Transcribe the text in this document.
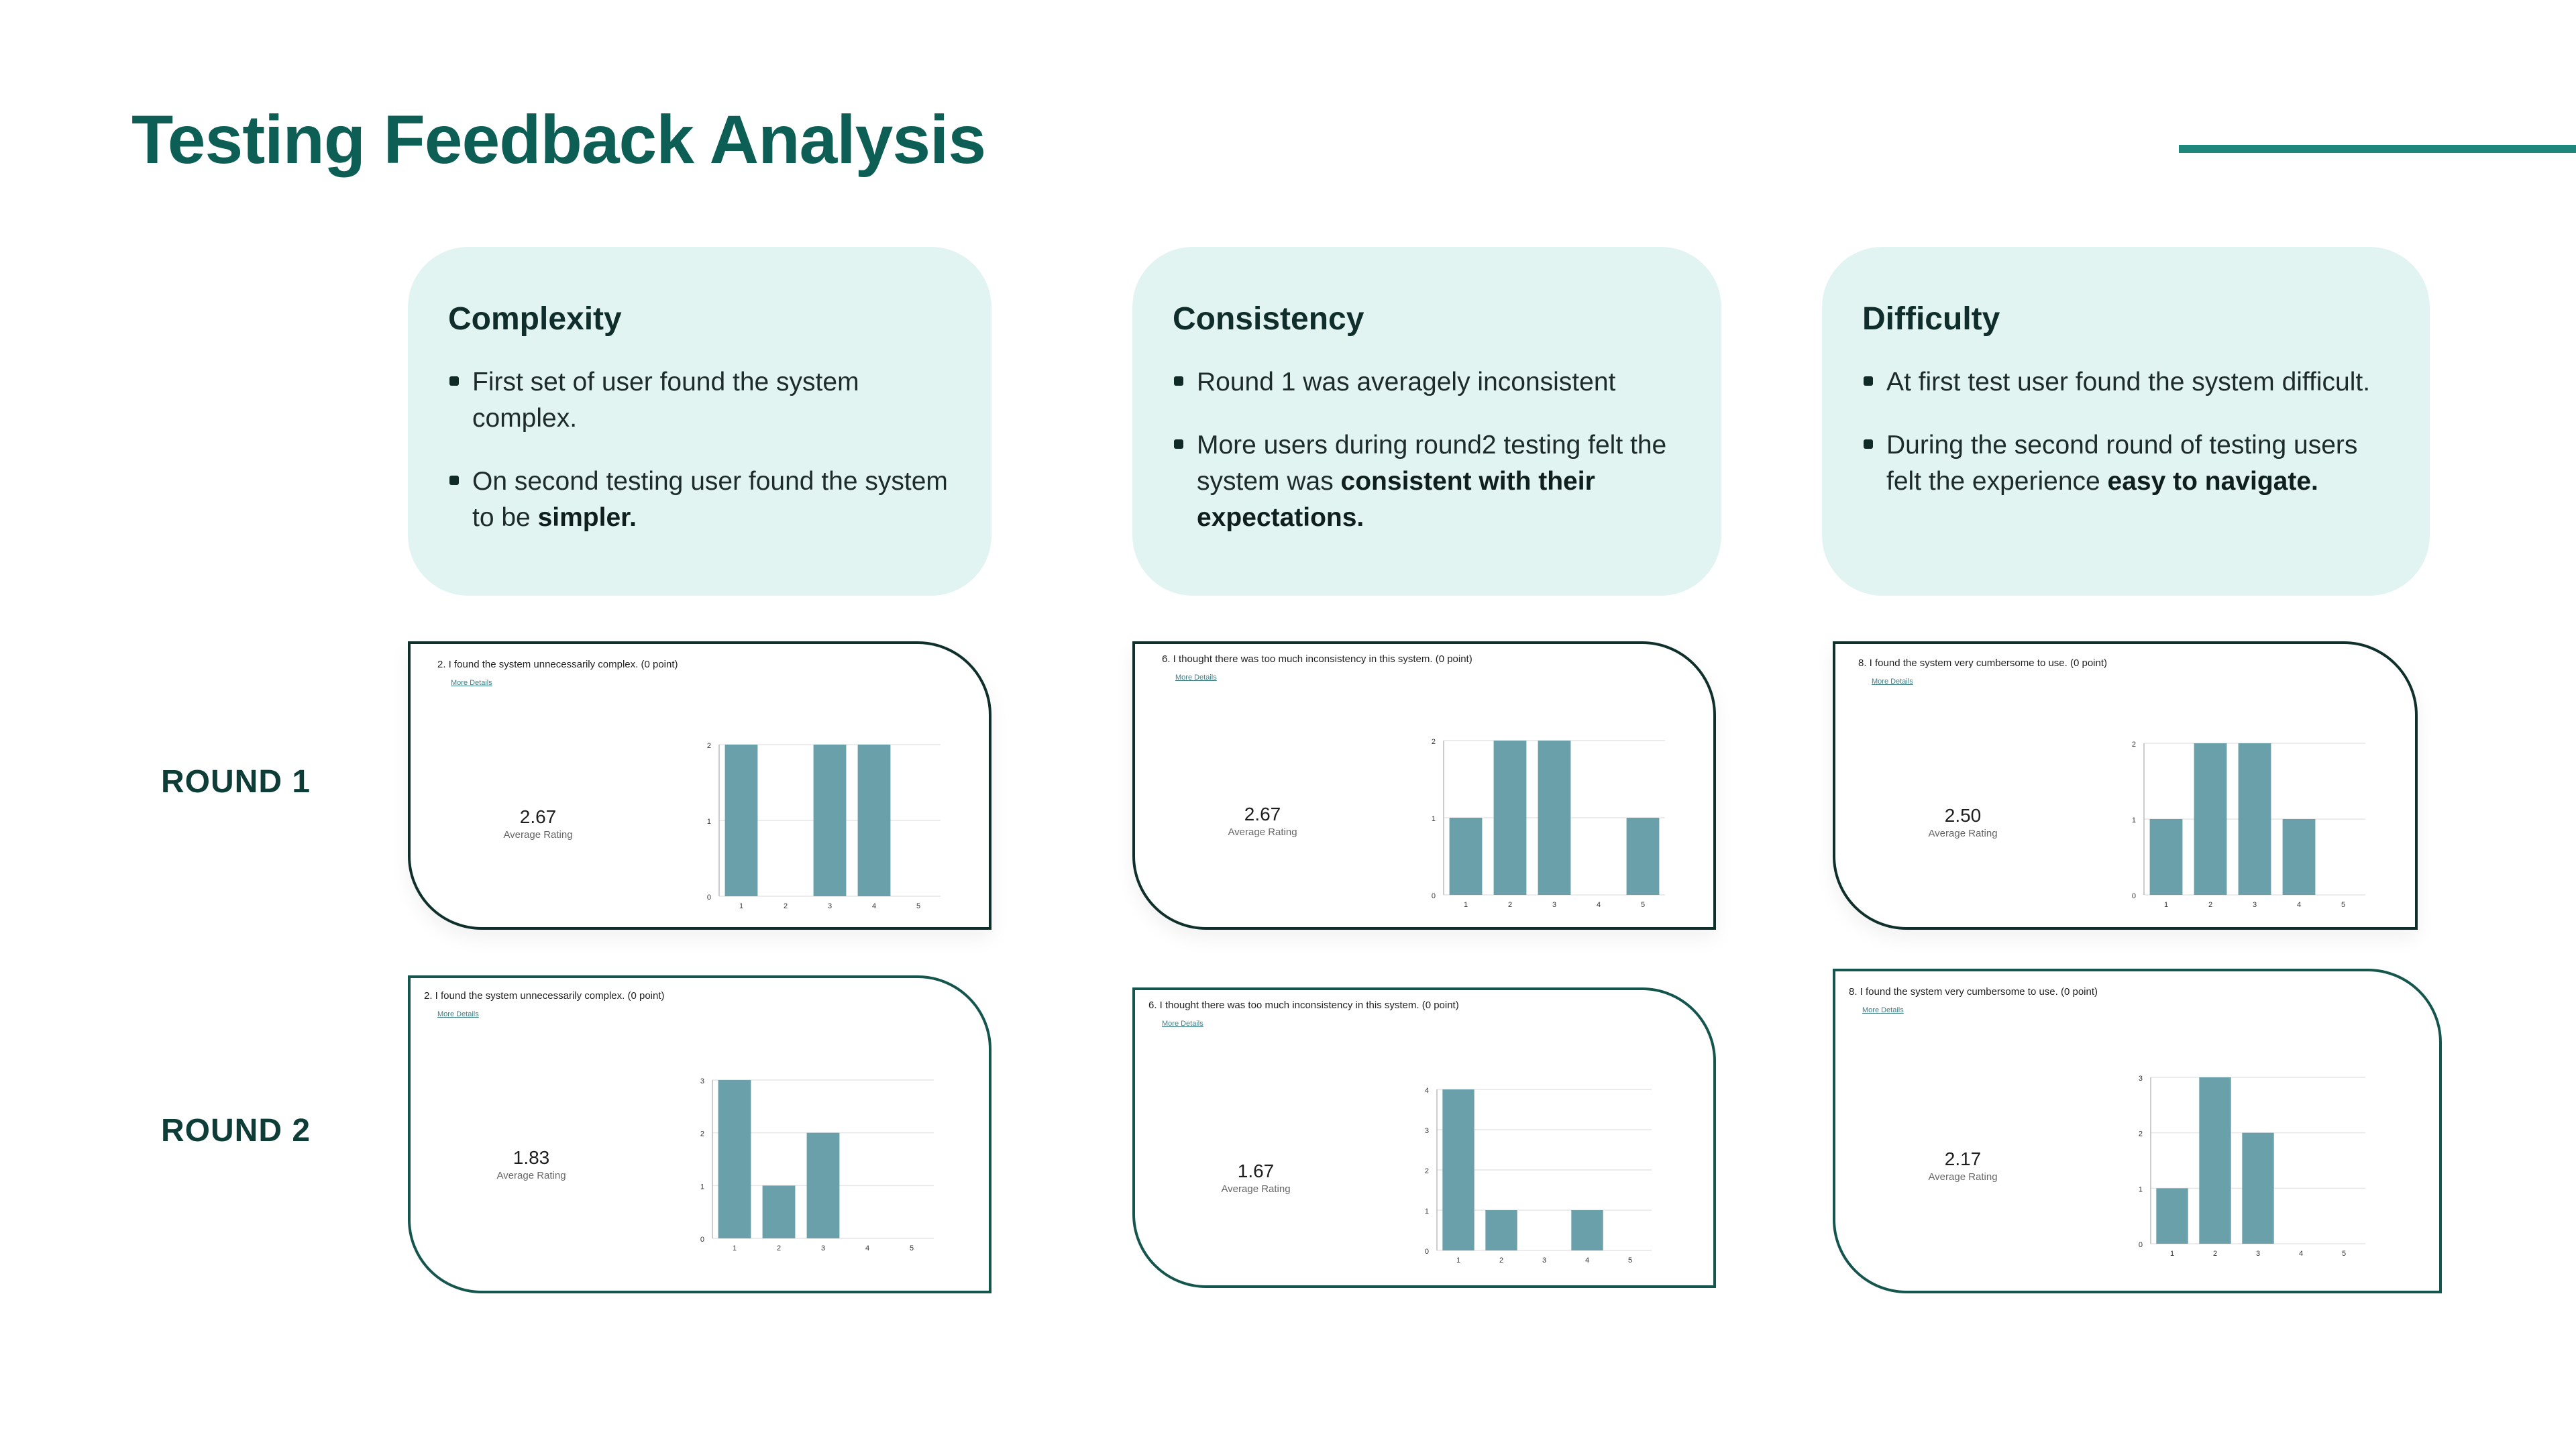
Testing Feedback Analysis
Complexity
First set of user found the system complex.
On second testing user found the system to be simpler.
Consistency
Round 1 was averagely inconsistent
More users during round2 testing felt the system was consistent with their expectations.
Difficulty
At first test user found the system difficult.
During the second round of testing users felt the experience easy to navigate.
ROUND 1
ROUND 2
2. I found the system unnecessarily complex. (0 point)
More Details
2.67
Average Rating
0
1
2
1	2	3	4	5
6. I thought there was too much inconsistency in this system. (0 point)
More Details
2.67
Average Rating
0
1
2
1	2	3	4	5
8. I found the system very cumbersome to use. (0 point)
More Details
2.50
Average Rating
0
1
2
1	2	3	4	5
2. I found the system unnecessarily complex. (0 point)
More Details
1.83
Average Rating
0
1
2
3
1	2	3	4	5
6. I thought there was too much inconsistency in this system. (0 point)
More Details
1.67
Average Rating
0
1
2
3
4
1	2	3	4	5
8. I found the system very cumbersome to use. (0 point)
More Details
2.17
Average Rating
0
1
2
3
1	2	3	4	5
